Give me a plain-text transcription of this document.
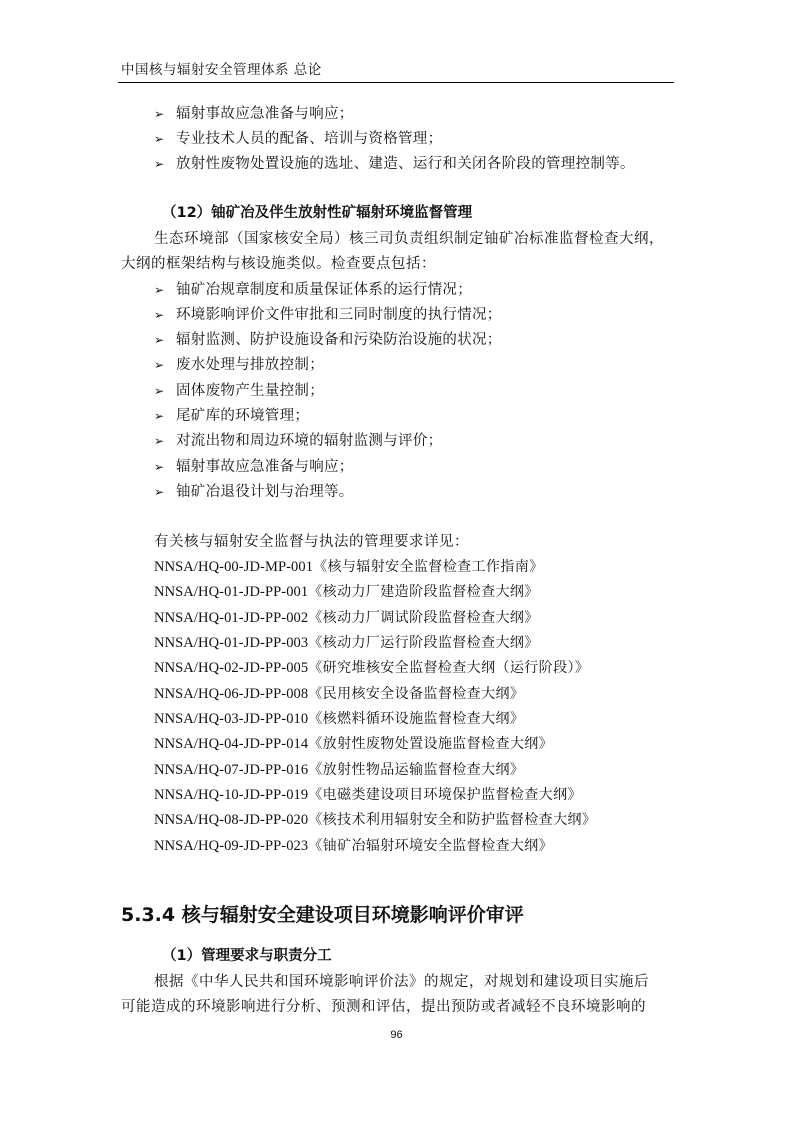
中国核与辐射安全管理体系 总论
➢ 辐射事故应急准备与响应；
➢ 专业技术人员的配备、培训与资格管理；
➢ 放射性废物处置设施的选址、建造、运行和关闭各阶段的管理控制等。
（12）铀矿冶及伴生放射性矿辐射环境监督管理
生态环境部（国家核安全局）核三司负责组织制定铀矿冶标准监督检查大纲，
大纲的框架结构与核设施类似。检查要点包括：
➢ 铀矿冶规章制度和质量保证体系的运行情况；
➢ 环境影响评价文件审批和三同时制度的执行情况；
➢ 辐射监测、防护设施设备和污染防治设施的状况；
➢ 废水处理与排放控制；
➢ 固体废物产生量控制；
➢ 尾矿库的环境管理；
➢ 对流出物和周边环境的辐射监测与评价；
➢ 辐射事故应急准备与响应；
➢ 铀矿冶退役计划与治理等。
有关核与辐射安全监督与执法的管理要求详见：
NNSA/HQ-00-JD-MP-001《核与辐射安全监督检查工作指南》
NNSA/HQ-01-JD-PP-001《核动力厂建造阶段监督检查大纲》
NNSA/HQ-01-JD-PP-002《核动力厂调试阶段监督检查大纲》
NNSA/HQ-01-JD-PP-003《核动力厂运行阶段监督检查大纲》
NNSA/HQ-02-JD-PP-005《研究堆核安全监督检查大纲（运行阶段）》
NNSA/HQ-06-JD-PP-008《民用核安全设备监督检查大纲》
NNSA/HQ-03-JD-PP-010《核燃料循环设施监督检查大纲》
NNSA/HQ-04-JD-PP-014《放射性废物处置设施监督检查大纲》
NNSA/HQ-07-JD-PP-016《放射性物品运输监督检查大纲》
NNSA/HQ-10-JD-PP-019《电磁类建设项目环境保护监督检查大纲》
NNSA/HQ-08-JD-PP-020《核技术利用辐射安全和防护监督检查大纲》
NNSA/HQ-09-JD-PP-023《铀矿冶辐射环境安全监督检查大纲》
5.3.4 核与辐射安全建设项目环境影响评价审评
（1）管理要求与职责分工
根据《中华人民共和国环境影响评价法》的规定，对规划和建设项目实施后
可能造成的环境影响进行分析、预测和评估，提出预防或者减轻不良环境影响的
96
